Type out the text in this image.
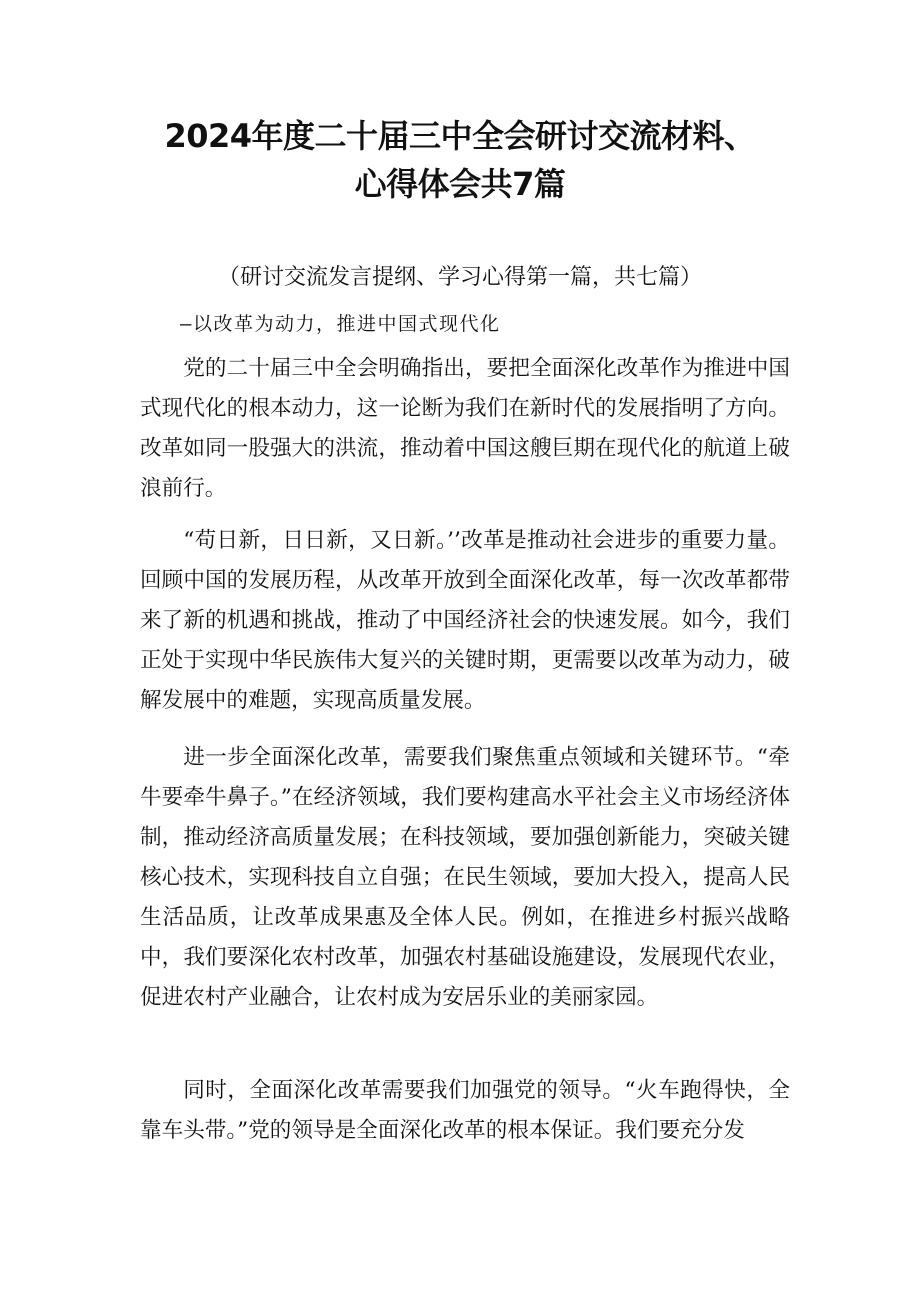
2024年度二十届三中全会研讨交流材料、
心得体会共7篇
（研讨交流发言提纲、学习心得第一篇，共七篇）
—以改革为动力，推进中国式现代化

党的二十届三中全会明确指出，要把全面深化改革作为推进中国式现代化的根本动力，这一论断为我们在新时代的发展指明了方向。改革如同一股强大的洪流，推动着中国这艘巨期在现代化的航道上破浪前行。

“苟日新，日日新，又日新。’’改革是推动社会进步的重要力量。回顾中国的发展历程，从改革开放到全面深化改革，每一次改革都带来了新的机遇和挑战，推动了中国经济社会的快速发展。如今，我们正处于实现中华民族伟大复兴的关键时期，更需要以改革为动力，破解发展中的难题，实现高质量发展。

进一步全面深化改革，需要我们聚焦重点领域和关键环节。“牵牛要牵牛鼻子。”在经济领域，我们要构建高水平社会主义市场经济体制，推动经济高质量发展；在科技领域，要加强创新能力，突破关键核心技术，实现科技自立自强；在民生领域，要加大投入，提高人民生活品质，让改革成果惠及全体人民。例如，在推进乡村振兴战略中，我们要深化农村改革，加强农村基础设施建设，发展现代农业，促进农村产业融合，让农村成为安居乐业的美丽家园。

同时，全面深化改革需要我们加强党的领导。“火车跑得快，全靠车头带。”党的领导是全面深化改革的根本保证。我们要充分发
